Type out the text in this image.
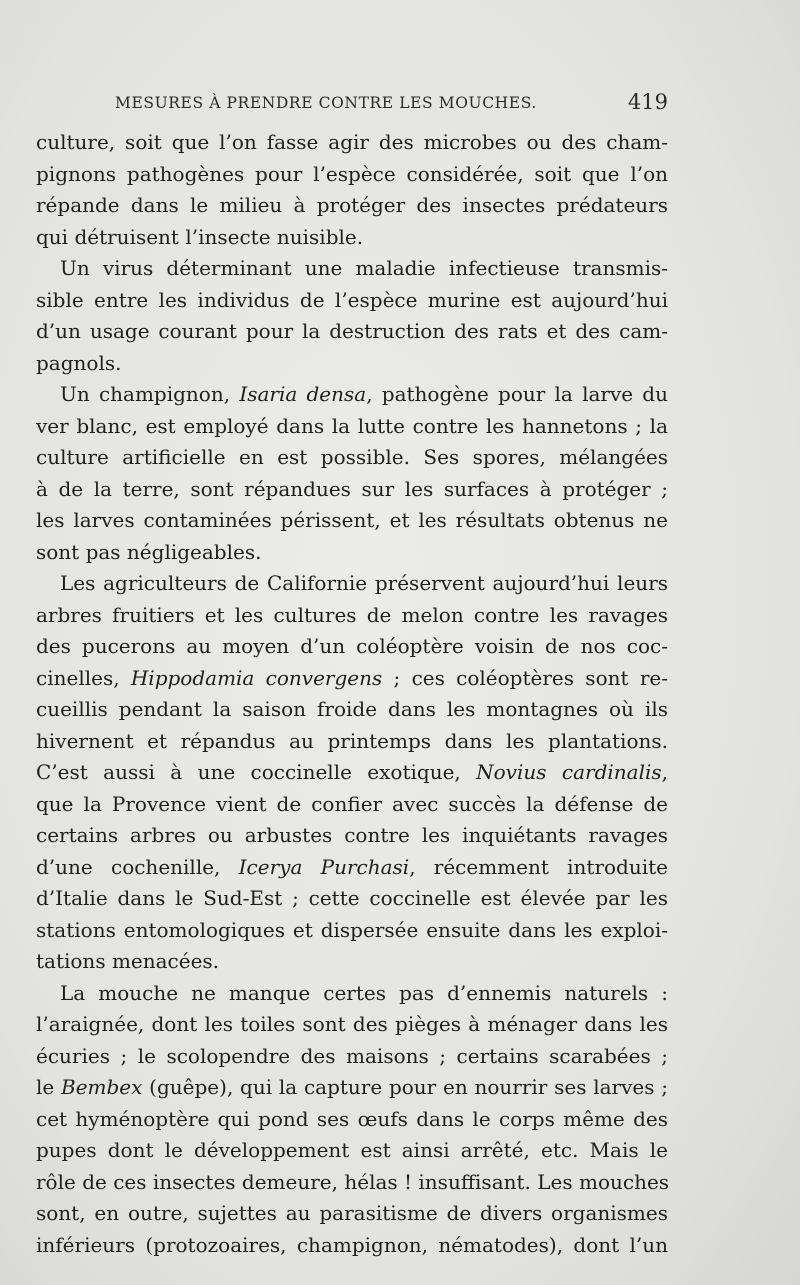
MESURES À PRENDRE CONTRE LES MOUCHES.	419
culture, soit que l’on fasse agir des microbes ou des cham-
pignons pathogènes pour l’espèce considérée, soit que l’on
répande dans le milieu à protéger des insectes prédateurs
qui détruisent l’insecte nuisible.
Un virus déterminant une maladie infectieuse transmis-
sible entre les individus de l’espèce murine est aujourd’hui
d’un usage courant pour la destruction des rats et des cam-
pagnols.
Un champignon, Isaria densa, pathogène pour la larve du
ver blanc, est employé dans la lutte contre les hannetons ; la
culture artificielle en est possible. Ses spores, mélangées
à de la terre, sont répandues sur les surfaces à protéger ;
les larves contaminées périssent, et les résultats obtenus ne
sont pas négligeables.
Les agriculteurs de Californie préservent aujourd’hui leurs
arbres fruitiers et les cultures de melon contre les ravages
des pucerons au moyen d’un coléoptère voisin de nos coc-
cinelles, Hippodamia convergens ; ces coléoptères sont re-
cueillis pendant la saison froide dans les montagnes où ils
hivernent et répandus au printemps dans les plantations.
C’est aussi à une coccinelle exotique, Novius cardinalis,
que la Provence vient de confier avec succès la défense de
certains arbres ou arbustes contre les inquiétants ravages
d’une cochenille, Icerya Purchasi, récemment introduite
d’Italie dans le Sud-Est ; cette coccinelle est élevée par les
stations entomologiques et dispersée ensuite dans les exploi-
tations menacées.
La mouche ne manque certes pas d’ennemis naturels :
l’araignée, dont les toiles sont des pièges à ménager dans les
écuries ; le scolopendre des maisons ; certains scarabées ;
le Bembex (guêpe), qui la capture pour en nourrir ses larves ;
cet hyménoptère qui pond ses œufs dans le corps même des
pupes dont le développement est ainsi arrêté, etc. Mais le
rôle de ces insectes demeure, hélas ! insuffisant. Les mouches
sont, en outre, sujettes au parasitisme de divers organismes
inférieurs (protozoaires, champignon, nématodes), dont l’un
